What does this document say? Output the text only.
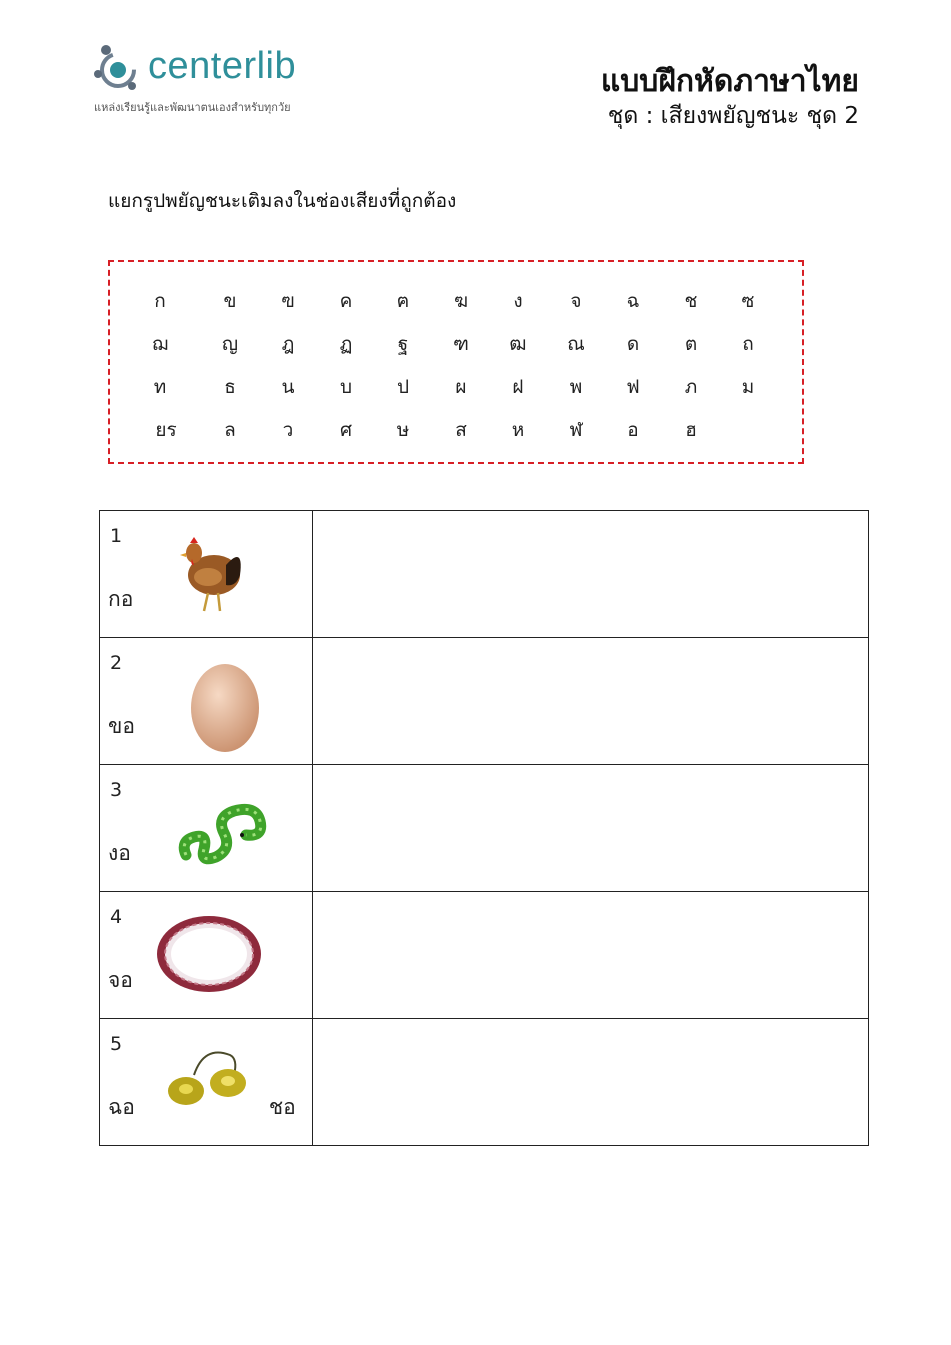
centerlib
แหล่งเรียนรู้และพัฒนาตนเองสำหรับทุกวัย
แบบฝึกหัดภาษาไทย
ชุด : เสียงพยัญชนะ ชุด 2
แยกรูปพยัญชนะเติมลงในช่องเสียงที่ถูกต้อง
ก	ข ฃ ค ฅ ฆ ง	จ ฉ ช ซ
ฌ	ญ ฎ ฏ ฐ ฑ ฒ ณ ด ต ถ
ท	ธ น บ ป ผ ฝ พ ฟ ภ ม
ยร	ล ว ศ ษ ส ห ฬ อ ฮ
1
กอ	

2
ขอ	

3
งอ	

4
จอ	

5
ฉอ ชอ	
